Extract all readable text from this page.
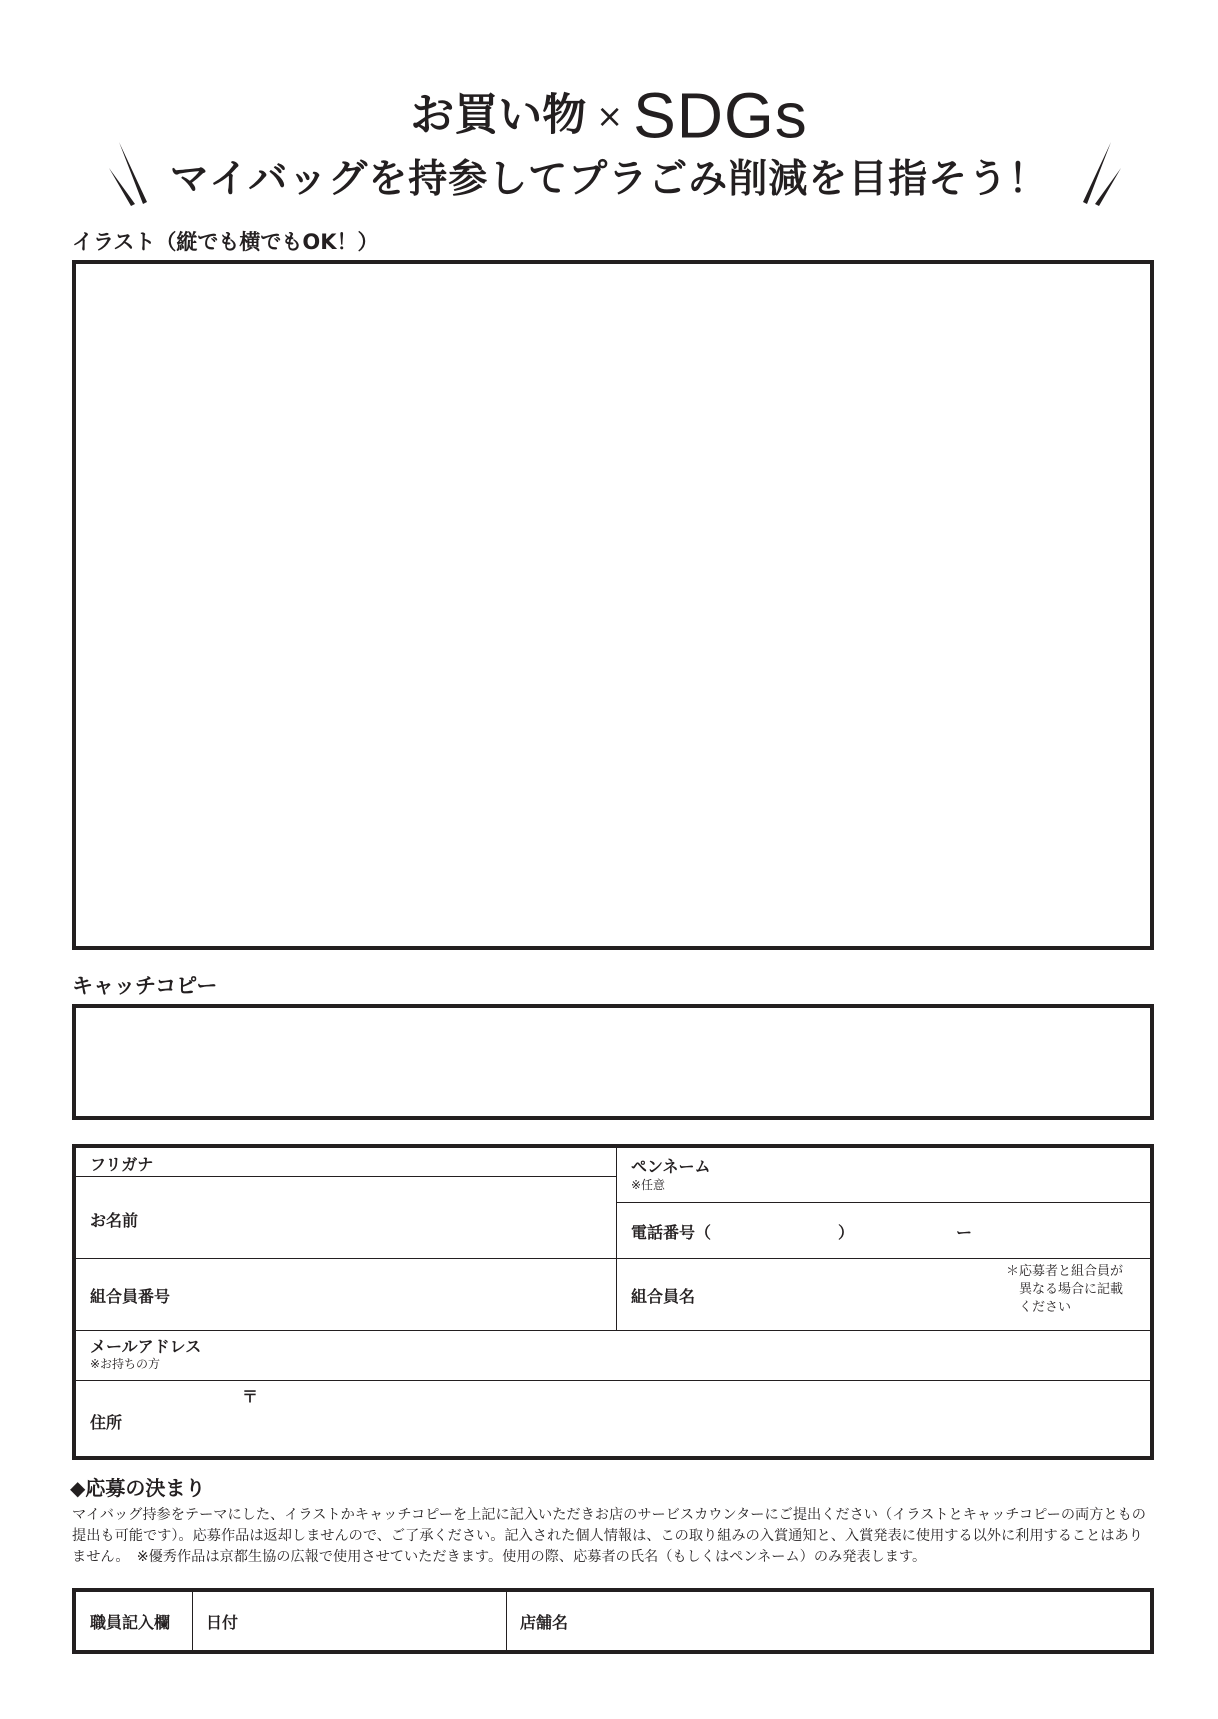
お買い物 × SDGs
マイバッグを持参してプラごみ削減を目指そう！
イラスト（縦でも横でもOK！）
キャッチコピー
フリガナ
お名前
ペンネーム
※任意
電話番号（	）	ー
組合員番号	組合員名
＊応募者と組合員が
異なる場合に記載
ください
メールアドレス
※お持ちの方
〒
住所
◆応募の決まり
マイバッグ持参をテーマにした、イラストかキャッチコピーを上記に記入いただきお店のサービスカウンターにご提出ください（イラストとキャッチコピーの両方ともの提出も可能です）。応募作品は返却しませんので、ご了承ください。記入された個人情報は、この取り組みの入賞通知と、入賞発表に使用する以外に利用することはありません。　※優秀作品は京都生協の広報で使用させていただきます。使用の際、応募者の氏名（もしくはペンネーム）のみ発表します。
職員記入欄 日付	店舗名
